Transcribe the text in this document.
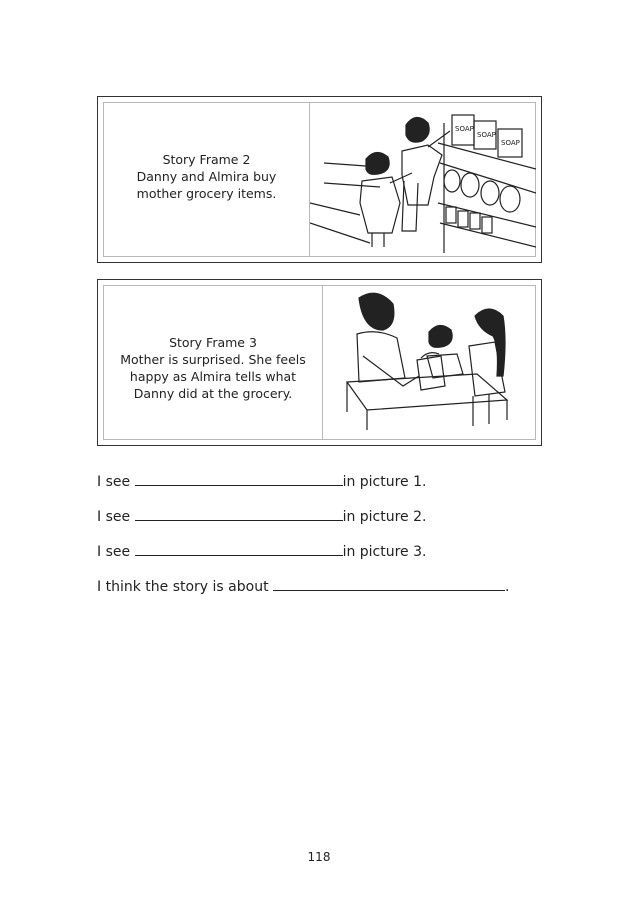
Story Frame 2
Danny and Almira buy
mother grocery items.
SOAP
SOAP
SOAP
Story Frame 3
Mother is surprised. She feels
happy as Almira tells what
Danny did at the grocery.
I see	in picture 1.
I see	in picture 2.
I see	in picture 3.
I think the story is about	.
118
